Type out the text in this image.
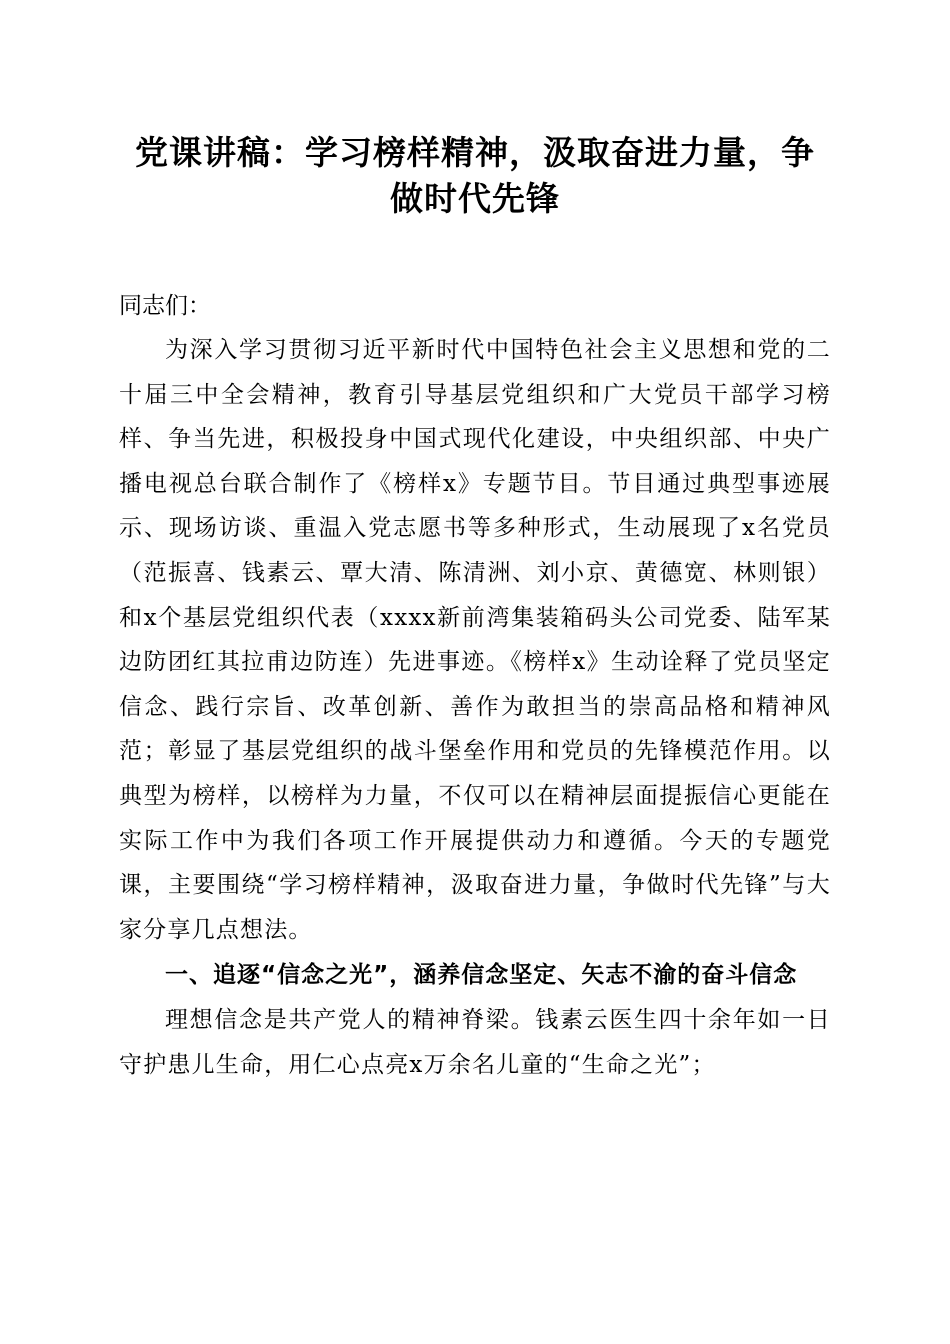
党课讲稿：学习榜样精神，汲取奋进力量，争做时代先锋

同志们：

为深入学习贯彻习近平新时代中国特色社会主义思想和党的二十届三中全会精神，教育引导基层党组织和广大党员干部学习榜样、争当先进，积极投身中国式现代化建设，中央组织部、中央广播电视总台联合制作了《榜样x》专题节目。节目通过典型事迹展示、现场访谈、重温入党志愿书等多种形式，生动展现了x名党员（范振喜、钱素云、覃大清、陈清洲、刘小京、黄德宽、林则银）和x个基层党组织代表（xxxx新前湾集装箱码头公司党委、陆军某边防团红其拉甫边防连）先进事迹。《榜样x》生动诠释了党员坚定信念、践行宗旨、改革创新、善作为敢担当的崇高品格和精神风范；彰显了基层党组织的战斗堡垒作用和党员的先锋模范作用。以典型为榜样，以榜样为力量，不仅可以在精神层面提振信心更能在实际工作中为我们各项工作开展提供动力和遵循。今天的专题党课，主要围绕“学习榜样精神，汲取奋进力量，争做时代先锋”与大家分享几点想法。

一、追逐“信念之光”，涵养信念坚定、矢志不渝的奋斗信念

理想信念是共产党人的精神脊梁。钱素云医生四十余年如一日守护患儿生命，用仁心点亮x万余名儿童的“生命之光”；
